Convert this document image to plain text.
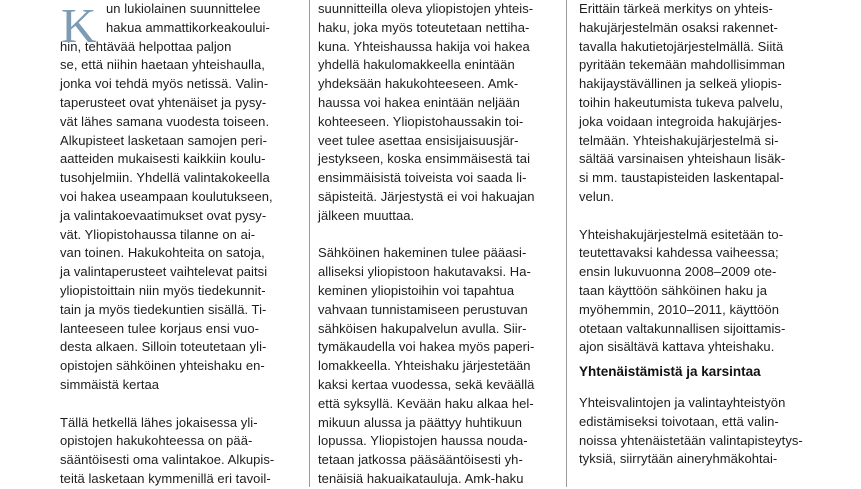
K un lukiolainen suunnittelee
hakua ammattikorkeakoului-
hin, tehtävää helpottaa paljon
se, että niihin haetaan yhteishaulla,
jonka voi tehdä myös netissä. Valin-
taperusteet ovat yhtenäiset ja pysy-
vät lähes samana vuodesta toiseen.
Alkupisteet lasketaan samojen peri-
aatteiden mukaisesti kaikkiin koulu-
tusohjelmiin. Yhdellä valintakokeella
voi hakea useampaan koulutukseen,
ja valintakoevaatimukset ovat pysy-
vät. Yliopistohaussa tilanne on ai-
van toinen. Hakukohteita on satoja,
ja valintaperusteet vaihtelevat paitsi
yliopistoittain niin myös tiedekunnit-
tain ja myös tiedekuntien sisällä. Ti-
lanteeseen tulee korjaus ensi vuo-
desta alkaen. Silloin toteutetaan yli-
opistojen sähköinen yhteishaku en-
simmäistä kertaa
Tällä hetkellä lähes jokaisessa yli-
opistojen hakukohteessa on pää-
sääntöisesti oma valintakoe. Alkupis-
teitä lasketaan kymmenillä eri tavoil-
suunnitteilla oleva yliopistojen yhteis-
haku, joka myös toteutetaan nettiha-
kuna. Yhteishaussa hakija voi hakea
yhdellä hakulomakkeella enintään
yhdeksään hakukohteeseen. Amk-
haussa voi hakea enintään neljään
kohteeseen. Yliopistohaussakin toi-
veet tulee asettaa ensisijaisuusjär-
jestykseen, koska ensimmäisestä tai
ensimmäisistä toiveista voi saada li-
säpisteitä. Järjestystä ei voi hakuajan
jälkeen muuttaa.
Sähköinen hakeminen tulee pääasi-
alliseksi yliopistoon hakutavaksi. Ha-
keminen yliopistoihin voi tapahtua
vahvaan tunnistamiseen perustuvan
sähköisen hakupalvelun avulla. Siir-
tymäkaudella voi hakea myös paperi-
lomakkeella. Yhteishaku järjestetään
kaksi kertaa vuodessa, sekä keväällä
että syksyllä. Kevään haku alkaa hel-
mikuun alussa ja päättyy huhtikuun
lopussa. Yliopistojen haussa nouda-
tetaan jatkossa pääsääntöisesti yh-
tenäisiä hakuaikatauluja. Amk-haku
Erittäin tärkeä merkitys on yhteis-
hakujärjestelmän osaksi rakennet-
tavalla hakutietojärjestelmällä. Siitä
pyritään tekemään mahdollisimman
hakijaystävällinen ja selkeä yliopis-
toihin hakeutumista tukeva palvelu,
joka voidaan integroida hakujärjes-
telmään. Yhteishakujärjestelmä si-
sältää varsinaisen yhteishaun lisäk-
si mm. taustapisteiden laskentapal-
velun.
Yhteishakujärjestelmä esitetään to-
teutettavaksi kahdessa vaiheessa;
ensin lukuvuonna 2008–2009 ote-
taan käyttöön sähköinen haku ja
myöhemmin, 2010–2011, käyttöön
otetaan valtakunnallisen sijoittamis-
ajon sisältävä kattava yhteishaku.
Yhtenäistämistä ja karsintaa
Yhteisvalintojen ja valintayhteistyön
edistämiseksi toivotaan, että valin-
noissa yhtenäistetään valintapisteytys-
tyksiä, siirrytään aineryhmäkohtai-
